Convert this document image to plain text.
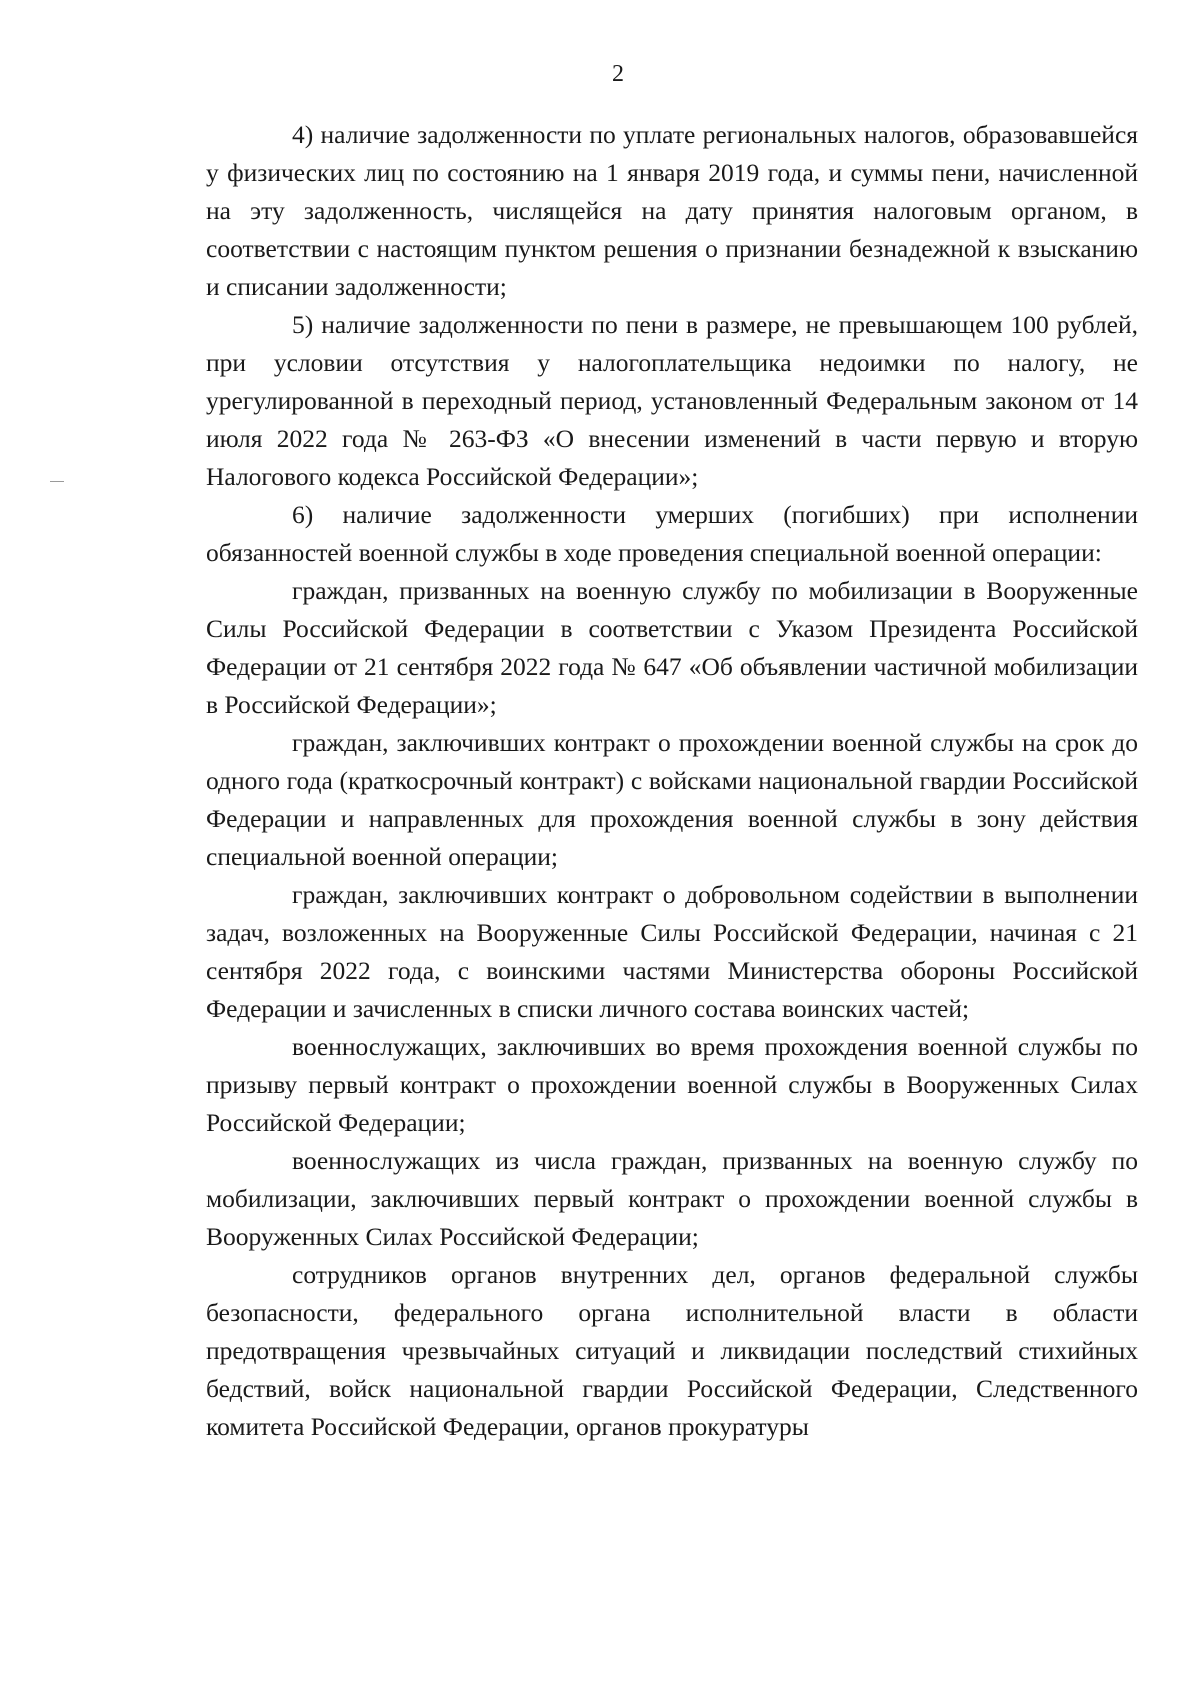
2

4) наличие задолженности по уплате региональных налогов, образовавшейся у физических лиц по состоянию на 1 января 2019 года, и суммы пени, начисленной на эту задолженность, числящейся на дату принятия налоговым органом, в соответствии с настоящим пунктом решения о признании безнадежной к взысканию и списании задолженности;

5) наличие задолженности по пени в размере, не превышающем 100 рублей, при условии отсутствия у налогоплательщика недоимки по налогу, не урегулированной в переходный период, установленный Федеральным законом от 14 июля 2022 года № 263-ФЗ «О внесении изменений в части первую и вторую Налогового кодекса Российской Федерации»;

6) наличие задолженности умерших (погибших) при исполнении обязанностей военной службы в ходе проведения специальной военной операции:

граждан, призванных на военную службу по мобилизации в Вооруженные Силы Российской Федерации в соответствии с Указом Президента Российской Федерации от 21 сентября 2022 года № 647 «Об объявлении частичной мобилизации в Российской Федерации»;

граждан, заключивших контракт о прохождении военной службы на срок до одного года (краткосрочный контракт) с войсками национальной гвардии Российской Федерации и направленных для прохождения военной службы в зону действия специальной военной операции;

граждан, заключивших контракт о добровольном содействии в выполнении задач, возложенных на Вооруженные Силы Российской Федерации, начиная с 21 сентября 2022 года, с воинскими частями Министерства обороны Российской Федерации и зачисленных в списки личного состава воинских частей;

военнослужащих, заключивших во время прохождения военной службы по призыву первый контракт о прохождении военной службы в Вооруженных Силах Российской Федерации;

военнослужащих из числа граждан, призванных на военную службу по мобилизации, заключивших первый контракт о прохождении военной службы в Вооруженных Силах Российской Федерации;

сотрудников органов внутренних дел, органов федеральной службы безопасности, федерального органа исполнительной власти в области предотвращения чрезвычайных ситуаций и ликвидации последствий стихийных бедствий, войск национальной гвардии Российской Федерации, Следственного комитета Российской Федерации, органов прокуратуры
